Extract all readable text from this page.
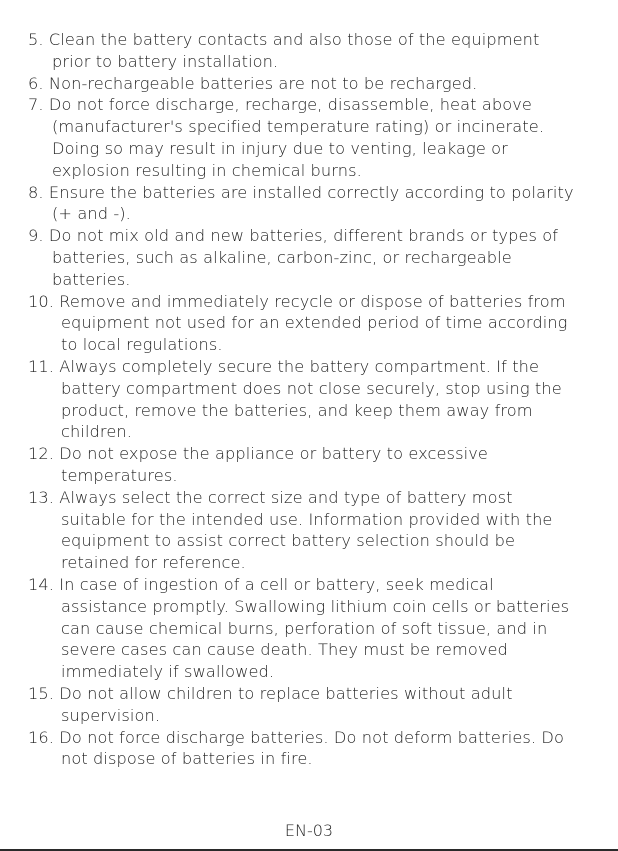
5. Clean the battery contacts and also those of the equipment
prior to battery installation.
6. Non-rechargeable batteries are not to be recharged.
7. Do not force discharge, recharge, disassemble, heat above
(manufacturer's specified temperature rating) or incinerate.
Doing so may result in injury due to venting, leakage or
explosion resulting in chemical burns.
8. Ensure the batteries are installed correctly according to polarity
(+ and -).
9. Do not mix old and new batteries, different brands or types of
batteries, such as alkaline, carbon-zinc, or rechargeable
batteries.
10. Remove and immediately recycle or dispose of batteries from
equipment not used for an extended period of time according
to local regulations.
11. Always completely secure the battery compartment. If the
battery compartment does not close securely, stop using the
product, remove the batteries, and keep them away from
children.
12. Do not expose the appliance or battery to excessive
temperatures.
13. Always select the correct size and type of battery most
suitable for the intended use. Information provided with the
equipment to assist correct battery selection should be
retained for reference.
14. In case of ingestion of a cell or battery, seek medical
assistance promptly. Swallowing lithium coin cells or batteries
can cause chemical burns, perforation of soft tissue, and in
severe cases can cause death. They must be removed
immediately if swallowed.
15. Do not allow children to replace batteries without adult
supervision.
16. Do not force discharge batteries. Do not deform batteries. Do
not dispose of batteries in fire.
EN-03
